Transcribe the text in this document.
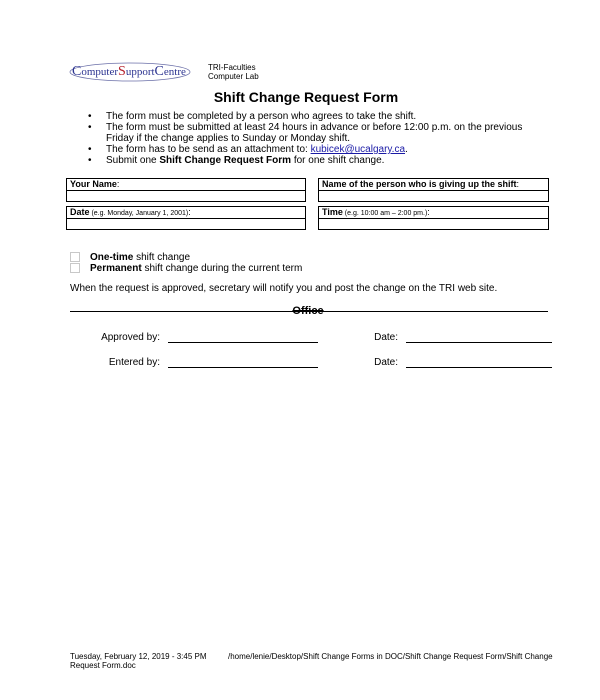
ComputerSupportCentre	TRI-Faculties
Computer Lab
Shift Change Request Form
• The form must be completed by a person who agrees to take the shift.
• The form must be submitted at least 24 hours in advance or before 12:00 p.m. on the previous
Friday if the change applies to Sunday or Monday shift.
• The form has to be send as an attachment to: kubicek@ucalgary.ca.
• Submit one Shift Change Request Form for one shift change.
Your Name:	Name of the person who is giving up the shift:
Date (e.g. Monday, January 1, 2001):	Time (e.g. 10:00 am – 2:00 pm.):
One-time shift change
Permanent shift change during the current term
When the request is approved, secretary will notify you and post the change on the TRI web site.
Office
Approved by:	Date:
Entered by:	Date:
Tuesday, February 12, 2019 - 3:45 PM
Request Form.doc
/home/lenie/Desktop/Shift Change Forms in DOC/Shift Change Request Form/Shift Change
